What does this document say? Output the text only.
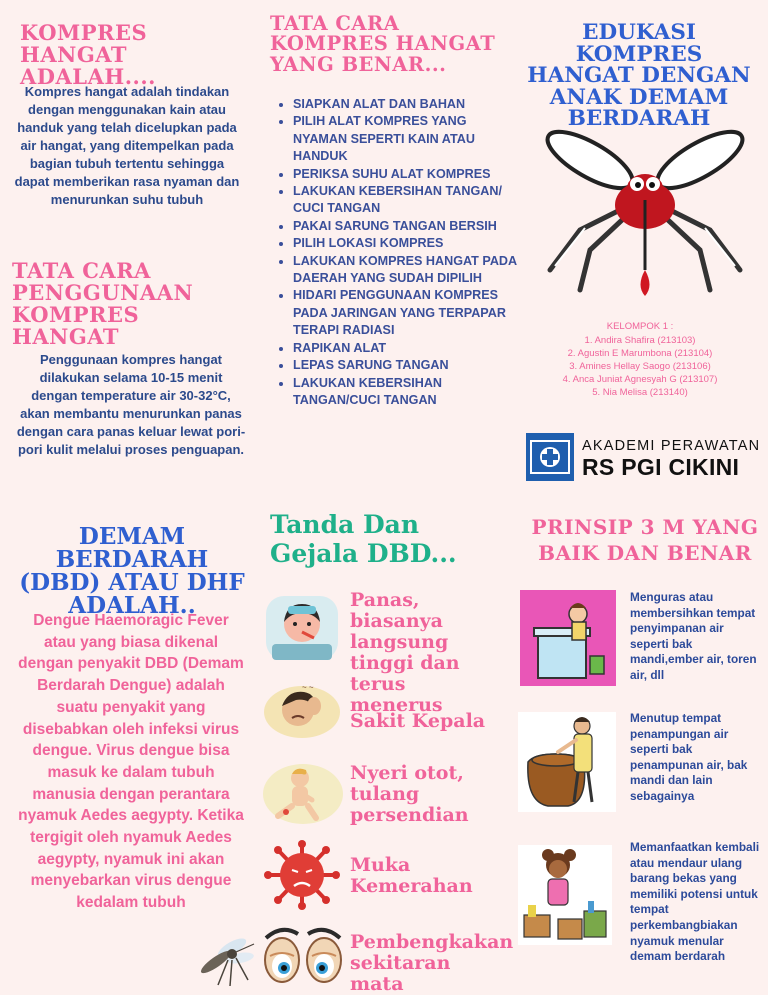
KOMPRES HANGAT ADALAH....
Kompres hangat adalah tindakan dengan menggunakan kain atau handuk yang telah dicelupkan pada air hangat, yang ditempelkan pada bagian tubuh tertentu sehingga dapat memberikan rasa nyaman dan menurunkan suhu tubuh
TATA CARA PENGGUNAAN KOMPRES HANGAT
Penggunaan kompres hangat dilakukan selama 10-15 menit dengan temperature air 30-32°C, akan membantu menurunkan panas dengan cara panas keluar lewat pori-pori kulit melalui proses penguapan.
DEMAM BERDARAH (DBD) ATAU DHF ADALAH..
Dengue Haemoragic Fever atau yang biasa dikenal dengan penyakit DBD (Demam Berdarah Dengue) adalah suatu penyakit yang disebabkan oleh infeksi virus dengue. Virus dengue bisa masuk ke dalam tubuh manusia dengan perantara nyamuk Aedes aegypty. Ketika tergigit oleh nyamuk Aedes aegypty, nyamuk ini akan menyebarkan virus dengue kedalam tubuh
TATA CARA KOMPRES HANGAT YANG BENAR...
• SIAPKAN ALAT DAN BAHAN
• PILIH ALAT KOMPRES YANG NYAMAN SEPERTI KAIN ATAU HANDUK
• PERIKSA SUHU ALAT KOMPRES
• LAKUKAN KEBERSIHAN TANGAN/ CUCI TANGAN
• PAKAI SARUNG TANGAN BERSIH
• PILIH LOKASI KOMPRES
• LAKUKAN KOMPRES HANGAT PADA DAERAH YANG SUDAH DIPILIH
• HIDARI PENGGUNAAN KOMPRES PADA JARINGAN YANG TERPAPAR TERAPI RADIASI
• RAPIKAN ALAT
• LEPAS SARUNG TANGAN
• LAKUKAN KEBERSIHAN TANGAN/CUCI TANGAN
Tanda Dan Gejala DBD...
Panas, biasanya langsung tinggi dan terus menerus
~ ~
Sakit Kepala
Nyeri otot, tulang persendian
Muka Kemerahan
Pembengkakan sekitaran mata
EDUKASI KOMPRES HANGAT DENGAN ANAK DEMAM BERDARAH
KELOMPOK 1 :
1. Andira Shafira (213103)
2. Agustin E Marumbona (213104)
3. Amines Hellay Saogo (213106)
4. Anca Juniat Agnesyah G (213107)
5. Nia Melisa (213140)
AKADEMI PERAWATAN
RS PGI CIKINI
PRINSIP 3 M YANG BAIK DAN BENAR
Menguras atau membersihkan tempat penyimpanan air seperti bak mandi,ember air, toren air, dll
Menutup tempat penampungan air seperti bak penampunan air, bak mandi dan lain sebagainya
Memanfaatkan kembali atau mendaur ulang barang bekas yang memiliki potensi untuk tempat perkembangbiakan nyamuk menular demam berdarah
